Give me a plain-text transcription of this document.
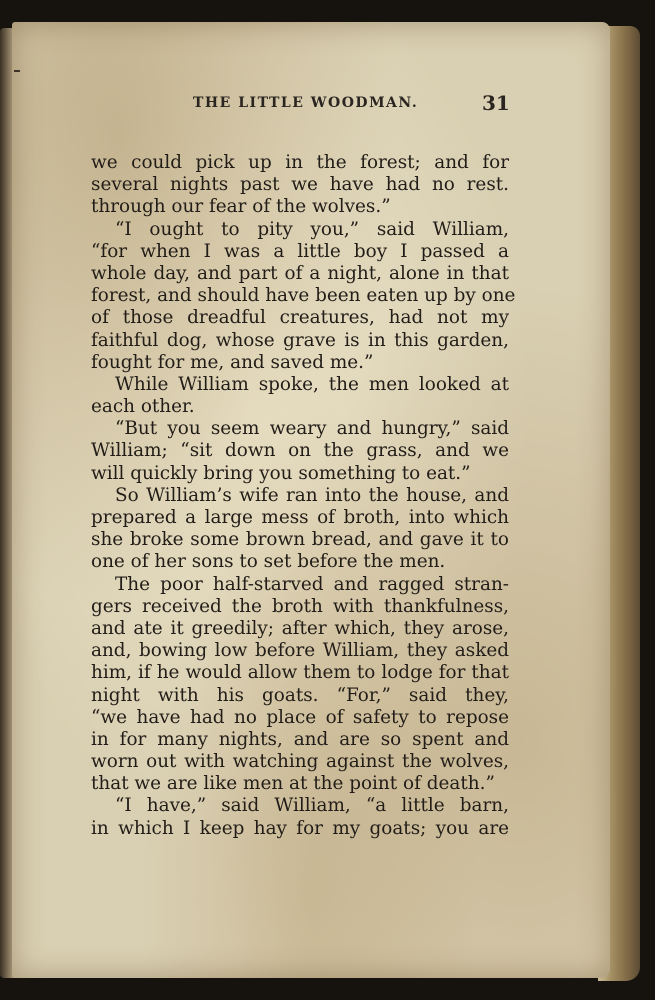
THE LITTLE WOODMAN.	31
we could pick up in the forest; and for
several nights past we have had no rest.
through our fear of the wolves.”
“I ought to pity you,” said William,
“for when I was a little boy I passed a
whole day, and part of a night, alone in that
forest, and should have been eaten up by one
of those dreadful creatures, had not my
faithful dog, whose grave is in this garden,
fought for me, and saved me.”
While William spoke, the men looked at
each other.
“But you seem weary and hungry,” said
William; “sit down on the grass, and we
will quickly bring you something to eat.”
So William’s wife ran into the house, and
prepared a large mess of broth, into which
she broke some brown bread, and gave it to
one of her sons to set before the men.
The poor half-starved and ragged stran-
gers received the broth with thankfulness,
and ate it greedily; after which, they arose,
and, bowing low before William, they asked
him, if he would allow them to lodge for that
night with his goats. “For,” said they,
“we have had no place of safety to repose
in for many nights, and are so spent and
worn out with watching against the wolves,
that we are like men at the point of death.”
“I have,” said William, “a little barn,
in which I keep hay for my goats; you are
